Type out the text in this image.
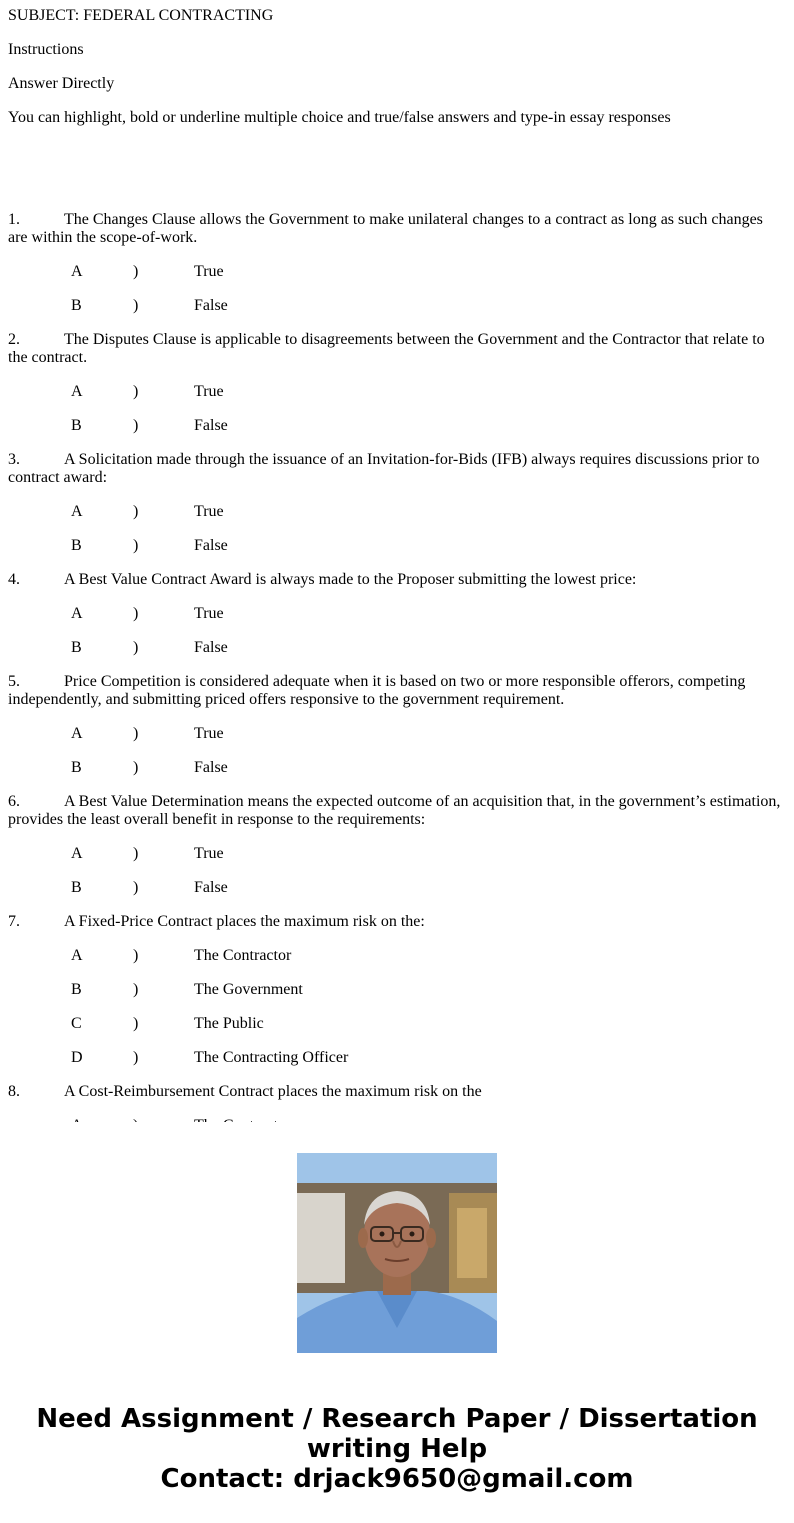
SUBJECT: FEDERAL CONTRACTING

Instructions

Answer Directly

You can highlight, bold or underline multiple choice and true/false answers and type-in essay responses

1.	The Changes Clause allows the Government to make unilateral changes to a contract as long as such changes are within the scope-of-work.

A	)	True
B	)	False

2.	The Disputes Clause is applicable to disagreements between the Government and the Contractor that relate to the contract.

A	)	True
B	)	False

3.	A Solicitation made through the issuance of an Invitation-for-Bids (IFB) always requires discussions prior to contract award:

A	)	True
B	)	False

4.	A Best Value Contract Award is always made to the Proposer submitting the lowest price:

A	)	True
B	)	False

5.	Price Competition is considered adequate when it is based on two or more responsible offerors, competing independently, and submitting priced offers responsive to the government requirement.

A	)	True
B	)	False

6.	A Best Value Determination means the expected outcome of an acquisition that, in the government’s estimation, provides the least overall benefit in response to the requirements:

A	)	True
B	)	False

7.	A Fixed-Price Contract places the maximum risk on the:

A	)	The Contractor
B	)	The Government
C	)	The Public
D	)	The Contracting Officer

8.	A Cost-Reimbursement Contract places the maximum risk on the

Need Assignment / Research Paper / Dissertation
writing Help
Contact: drjack9650@gmail.com
